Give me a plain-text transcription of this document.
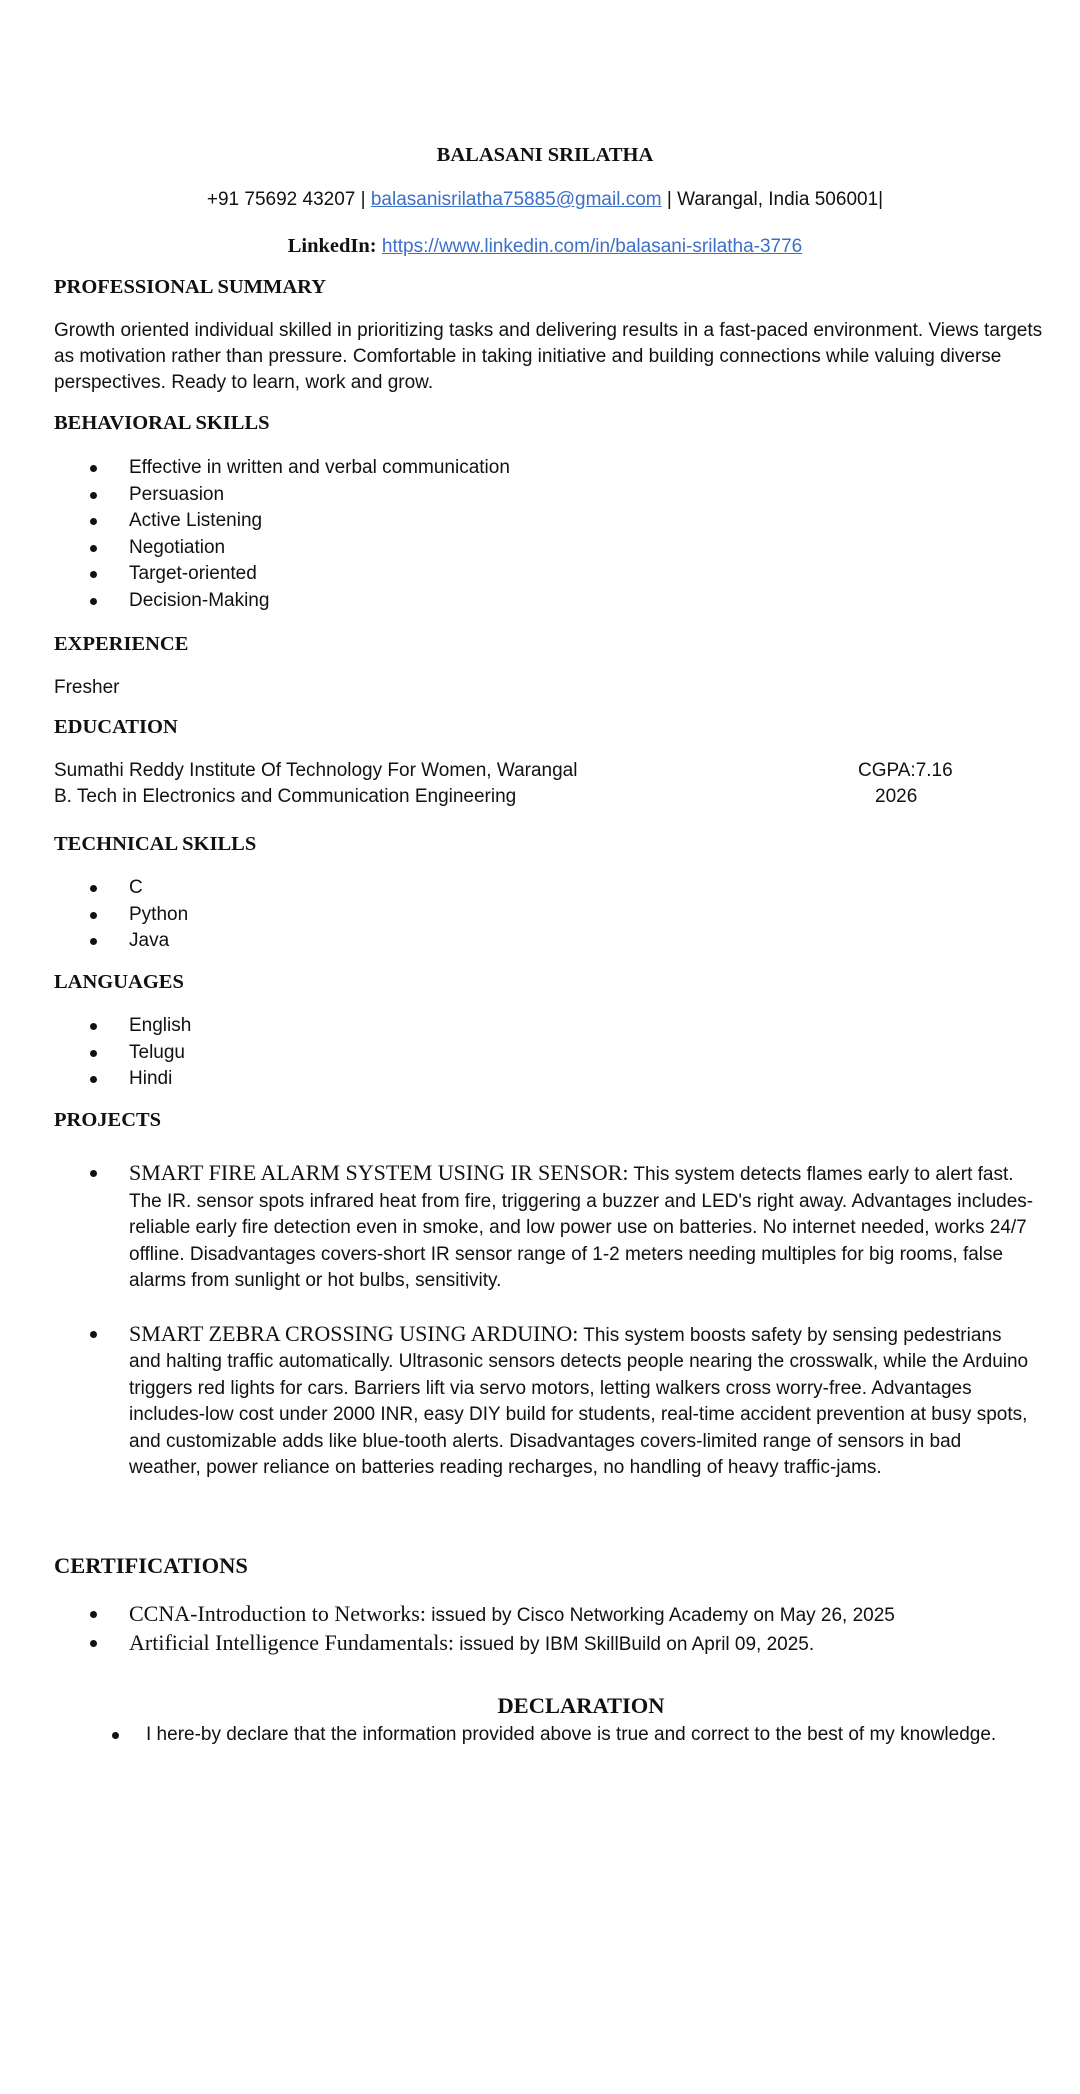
BALASANI SRILATHA
+91 75692 43207 | balasanisrilatha75885@gmail.com | Warangal, India 506001|
LinkedIn: https://www.linkedin.com/in/balasani-srilatha-3776
PROFESSIONAL SUMMARY
Growth oriented individual skilled in prioritizing tasks and delivering results in a fast-paced environment. Views targets as motivation rather than pressure. Comfortable in taking initiative and building connections while valuing diverse perspectives. Ready to learn, work and grow.
BEHAVIORAL SKILLS
Effective in written and verbal communication
Persuasion
Active Listening
Negotiation
Target-oriented
Decision-Making
EXPERIENCE
Fresher
EDUCATION
Sumathi Reddy Institute Of Technology For Women, Warangal	CGPA:7.16
B. Tech in Electronics and Communication Engineering	2026
TECHNICAL SKILLS
C
Python
Java
LANGUAGES
English
Telugu
Hindi
PROJECTS
SMART FIRE ALARM SYSTEM USING IR SENSOR: This system detects flames early to alert fast. The IR. sensor spots infrared heat from fire, triggering a buzzer and LED's right away. Advantages includes-reliable early fire detection even in smoke, and low power use on batteries. No internet needed, works 24/7 offline. Disadvantages covers-short IR sensor range of 1-2 meters needing multiples for big rooms, false alarms from sunlight or hot bulbs, sensitivity.
SMART ZEBRA CROSSING USING ARDUINO: This system boosts safety by sensing pedestrians and halting traffic automatically. Ultrasonic sensors detects people nearing the crosswalk, while the Arduino triggers red lights for cars. Barriers lift via servo motors, letting walkers cross worry-free. Advantages includes-low cost under 2000 INR, easy DIY build for students, real-time accident prevention at busy spots, and customizable adds like blue-tooth alerts. Disadvantages covers-limited range of sensors in bad weather, power reliance on batteries reading recharges, no handling of heavy traffic-jams.
CERTIFICATIONS
CCNA-Introduction to Networks: issued by Cisco Networking Academy on May 26, 2025
Artificial Intelligence Fundamentals: issued by IBM SkillBuild on April 09, 2025.
DECLARATION
I here-by declare that the information provided above is true and correct to the best of my knowledge.
